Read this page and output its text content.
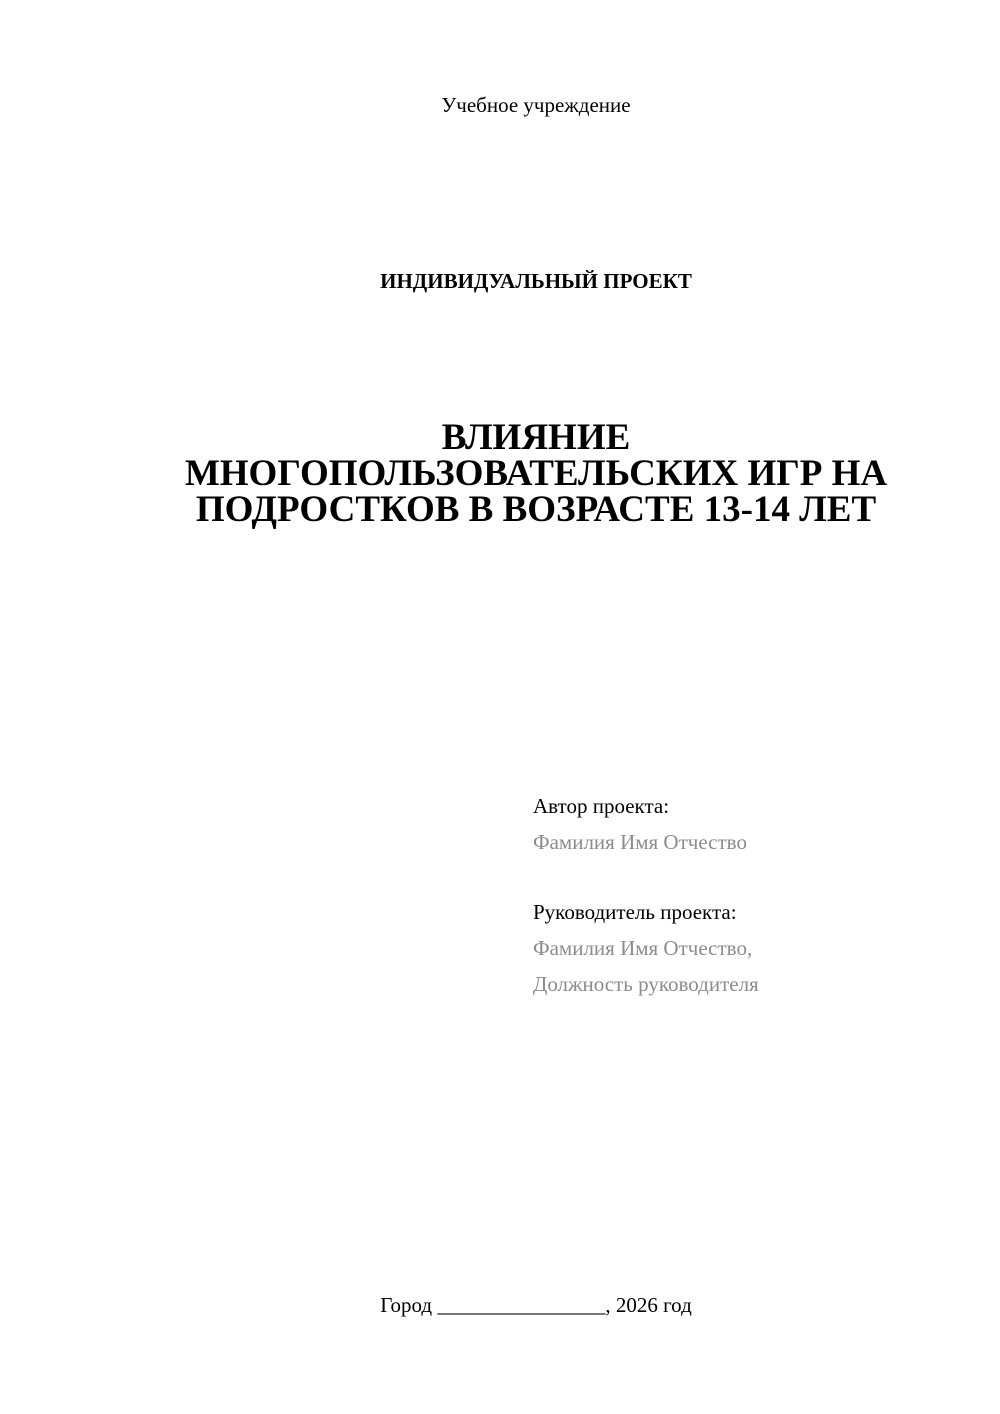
Учебное учреждение
ИНДИВИДУАЛЬНЫЙ ПРОЕКТ
ВЛИЯНИЕ
МНОГОПОЛЬЗОВАТЕЛЬСКИХ ИГР НА
ПОДРОСТКОВ В ВОЗРАСТЕ 13-14 ЛЕТ
Автор проекта:
Фамилия Имя Отчество
Руководитель проекта:
Фамилия Имя Отчество,
Должность руководителя
Город ________________, 2026 год
